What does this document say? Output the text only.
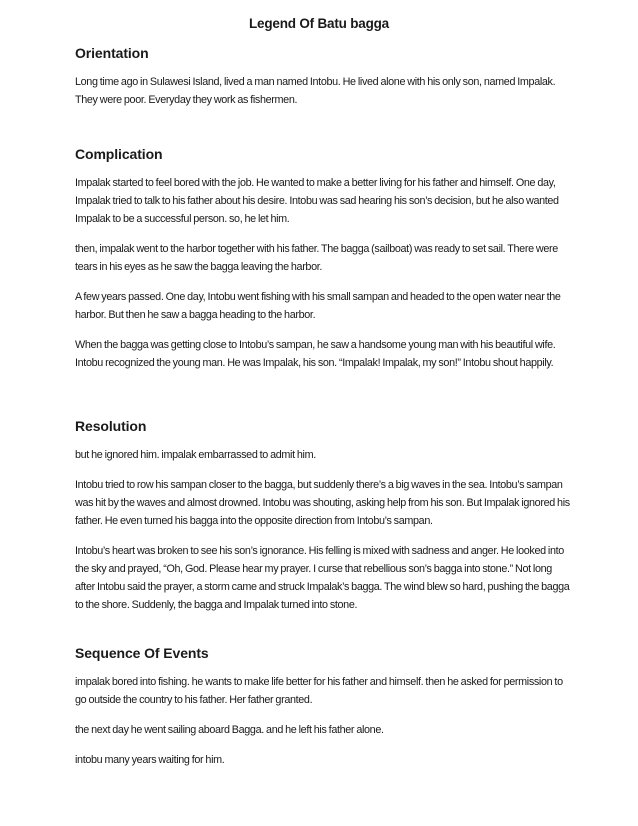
Legend Of Batu bagga
Orientation

Long time ago in Sulawesi Island, lived a man named Intobu. He lived alone with his only son, named Impalak. They were poor. Everyday they work as fishermen.

Complication

Impalak started to feel bored with the job. He wanted to make a better living for his father and himself. One day, Impalak tried to talk to his father about his desire. Intobu was sad hearing his son’s decision, but he also wanted Impalak to be a successful person. so, he let him.

then, impalak went to the harbor together with his father. The bagga (sailboat) was ready to set sail. There were tears in his eyes as he saw the bagga leaving the harbor.

A few years passed. One day, Intobu went fishing with his small sampan and headed to the open water near the harbor. But then he saw a bagga heading to the harbor.

When the bagga was getting close to Intobu’s sampan, he saw a handsome young man with his beautiful wife. Intobu recognized the young man. He was Impalak, his son. “Impalak! Impalak, my son!” Intobu shout happily.

Resolution

but he ignored him. impalak embarrassed to admit him.

Intobu tried to row his sampan closer to the bagga, but suddenly there’s a big waves in the sea. Intobu’s sampan was hit by the waves and almost drowned. Intobu was shouting, asking help from his son. But Impalak ignored his father. He even turned his bagga into the opposite direction from Intobu’s sampan.

Intobu’s heart was broken to see his son’s ignorance. His felling is mixed with sadness and anger. He looked into the sky and prayed, “Oh, God. Please hear my prayer. I curse that rebellious son’s bagga into stone.” Not long after Intobu said the prayer, a storm came and struck Impalak’s bagga. The wind blew so hard, pushing the bagga to the shore. Suddenly, the bagga and Impalak turned into stone.

Sequence Of Events

impalak bored into fishing. he wants to make life better for his father and himself. then he asked for permission to go outside the country to his father. Her father granted.

the next day he went sailing aboard Bagga. and he left his father alone.

intobu many years waiting for him.
